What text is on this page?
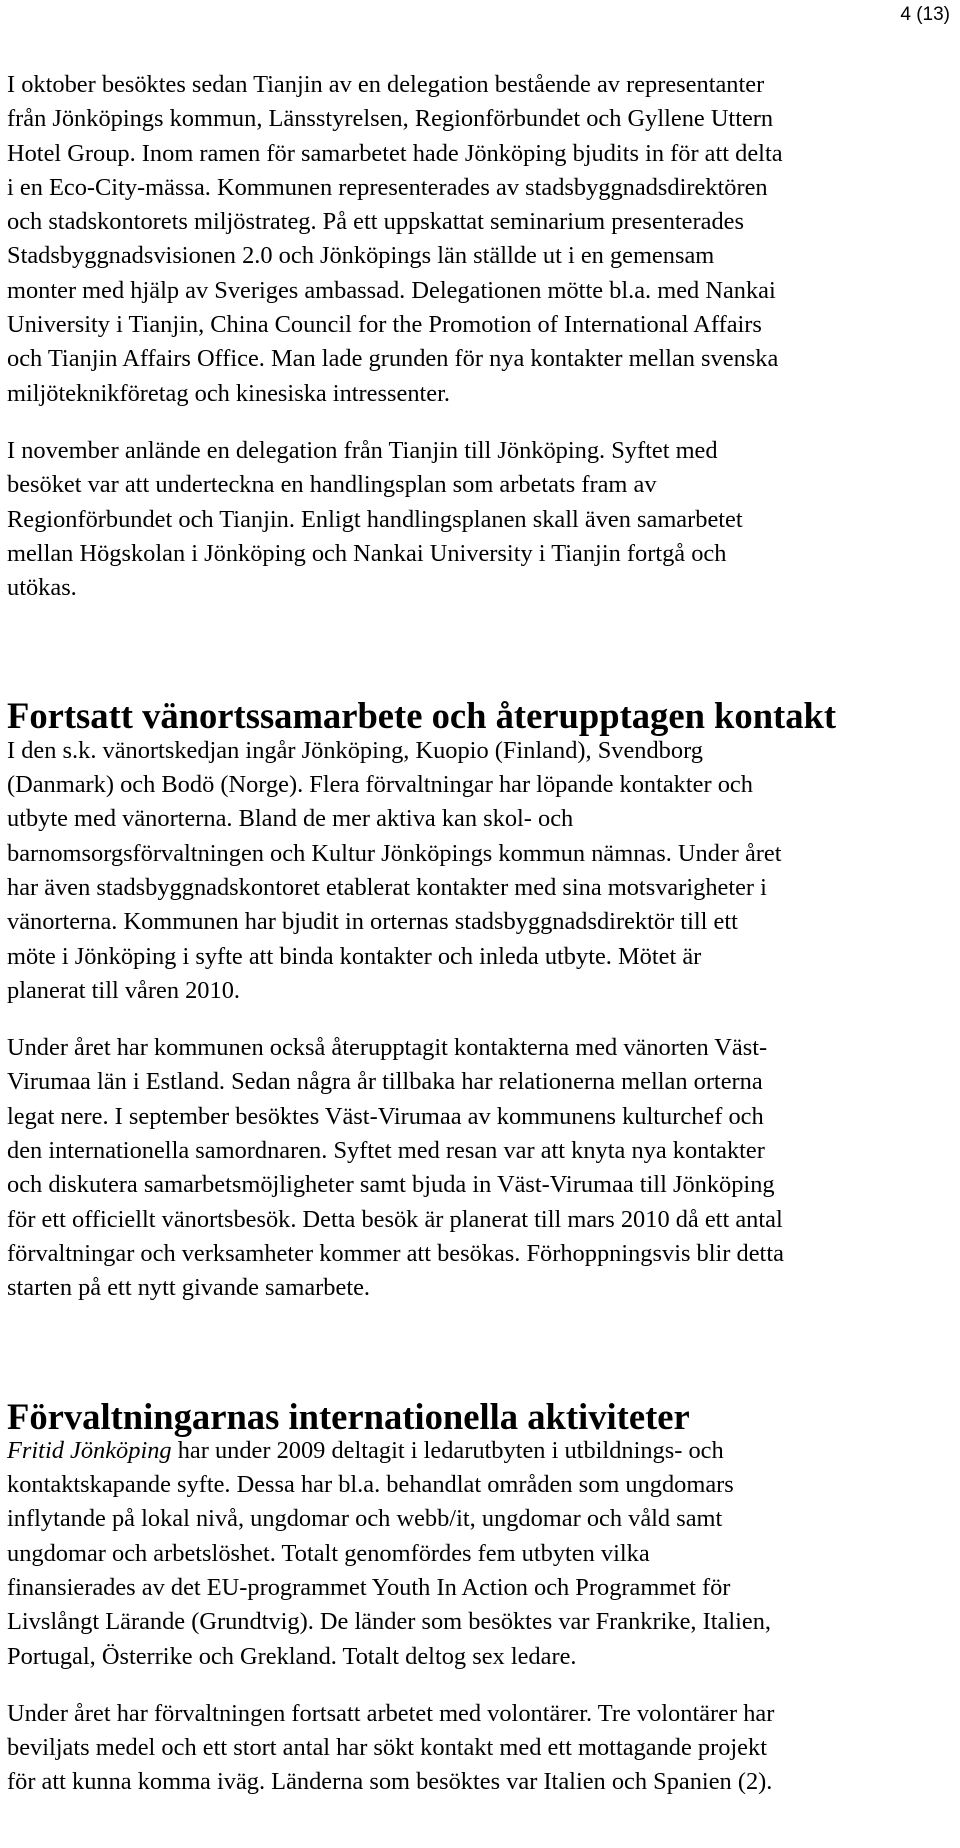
4 (13)

I oktober besöktes sedan Tianjin av en delegation bestående av representanter
från Jönköpings kommun, Länsstyrelsen, Regionförbundet och Gyllene Uttern
Hotel Group. Inom ramen för samarbetet hade Jönköping bjudits in för att delta
i en Eco-City-mässa. Kommunen representerades av stadsbyggnadsdirektören
och stadskontorets miljöstrateg. På ett uppskattat seminarium presenterades
Stadsbyggnadsvisionen 2.0 och Jönköpings län ställde ut i en gemensam
monter med hjälp av Sveriges ambassad. Delegationen mötte bl.a. med Nankai
University i Tianjin, China Council for the Promotion of International Affairs
och Tianjin Affairs Office. Man lade grunden för nya kontakter mellan svenska
miljöteknikföretag och kinesiska intressenter.

I november anlände en delegation från Tianjin till Jönköping. Syftet med
besöket var att underteckna en handlingsplan som arbetats fram av
Regionförbundet och Tianjin. Enligt handlingsplanen skall även samarbetet
mellan Högskolan i Jönköping och Nankai University i Tianjin fortgå och
utökas.

Fortsatt vänortssamarbete och återupptagen kontakt

I den s.k. vänortskedjan ingår Jönköping, Kuopio (Finland), Svendborg
(Danmark) och Bodö (Norge). Flera förvaltningar har löpande kontakter och
utbyte med vänorterna. Bland de mer aktiva kan skol- och
barnomsorgsförvaltningen och Kultur Jönköpings kommun nämnas. Under året
har även stadsbyggnadskontoret etablerat kontakter med sina motsvarigheter i
vänorterna. Kommunen har bjudit in orternas stadsbyggnadsdirektör till ett
möte i Jönköping i syfte att binda kontakter och inleda utbyte. Mötet är
planerat till våren 2010.

Under året har kommunen också återupptagit kontakterna med vänorten Väst-
Virumaa län i Estland. Sedan några år tillbaka har relationerna mellan orterna
legat nere. I september besöktes Väst-Virumaa av kommunens kulturchef och
den internationella samordnaren. Syftet med resan var att knyta nya kontakter
och diskutera samarbetsmöjligheter samt bjuda in Väst-Virumaa till Jönköping
för ett officiellt vänortsbesök. Detta besök är planerat till mars 2010 då ett antal
förvaltningar och verksamheter kommer att besökas. Förhoppningsvis blir detta
starten på ett nytt givande samarbete.

Förvaltningarnas internationella aktiviteter

Fritid Jönköping har under 2009 deltagit i ledarutbyten i utbildnings- och
kontaktskapande syfte. Dessa har bl.a. behandlat områden som ungdomars
inflytande på lokal nivå, ungdomar och webb/it, ungdomar och våld samt
ungdomar och arbetslöshet. Totalt genomfördes fem utbyten vilka
finansierades av det EU-programmet Youth In Action och Programmet för
Livslångt Lärande (Grundtvig). De länder som besöktes var Frankrike, Italien,
Portugal, Österrike och Grekland. Totalt deltog sex ledare.

Under året har förvaltningen fortsatt arbetet med volontärer. Tre volontärer har
beviljats medel och ett stort antal har sökt kontakt med ett mottagande projekt
för att kunna komma iväg. Länderna som besöktes var Italien och Spanien (2).
